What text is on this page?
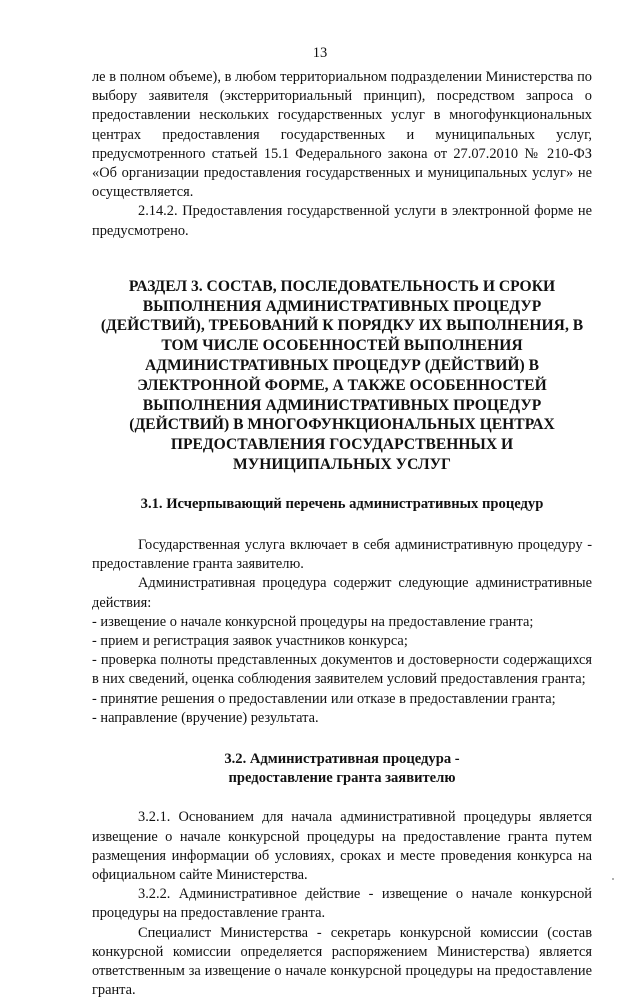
13

ле в полном объеме), в любом территориальном подразделении Министерства по выбору заявителя (экстерриториальный принцип), посредством запроса о предоставлении нескольких государственных услуг в многофункциональных центрах предоставления государственных и муниципальных услуг, предусмотренного статьей 15.1 Федерального закона от 27.07.2010 № 210-ФЗ «Об организации предоставления государственных и муниципальных услуг» не осуществляется.

2.14.2. Предоставления государственной услуги в электронной форме не предусмотрено.

РАЗДЕЛ 3. СОСТАВ, ПОСЛЕДОВАТЕЛЬНОСТЬ И СРОКИ ВЫПОЛНЕНИЯ АДМИНИСТРАТИВНЫХ ПРОЦЕДУР (ДЕЙСТВИЙ), ТРЕБОВАНИЙ К ПОРЯДКУ ИХ ВЫПОЛНЕНИЯ, В ТОМ ЧИСЛЕ ОСОБЕННОСТЕЙ ВЫПОЛНЕНИЯ АДМИНИСТРАТИВНЫХ ПРОЦЕДУР (ДЕЙСТВИЙ) В ЭЛЕКТРОННОЙ ФОРМЕ, А ТАКЖЕ ОСОБЕННОСТЕЙ ВЫПОЛНЕНИЯ АДМИНИСТРАТИВНЫХ ПРОЦЕДУР (ДЕЙСТВИЙ) В МНОГОФУНКЦИОНАЛЬНЫХ ЦЕНТРАХ ПРЕДОСТАВЛЕНИЯ ГОСУДАРСТВЕННЫХ И МУНИЦИПАЛЬНЫХ УСЛУГ
3.1. Исчерпывающий перечень административных процедур

Государственная услуга включает в себя административную процедуру - предоставление гранта заявителю.

Административная процедура содержит следующие административные действия:

- извещение о начале конкурсной процедуры на предоставление гранта;

- прием и регистрация заявок участников конкурса;

- проверка полноты представленных документов и достоверности содержащихся в них сведений, оценка соблюдения заявителем условий предоставления гранта;

- принятие решения о предоставлении или отказе в предоставлении гранта;

- направление (вручение) результата.

3.2. Административная процедура -
предоставление гранта заявителю

3.2.1. Основанием для начала административной процедуры является извещение о начале конкурсной процедуры на предоставление гранта путем размещения информации об условиях, сроках и месте проведения конкурса на официальном сайте Министерства.

3.2.2. Административное действие - извещение о начале конкурсной процедуры на предоставление гранта.

Специалист Министерства - секретарь конкурсной комиссии (состав конкурсной комиссии определяется распоряжением Министерства) является ответственным за извещение о начале конкурсной процедуры на предоставление гранта.
